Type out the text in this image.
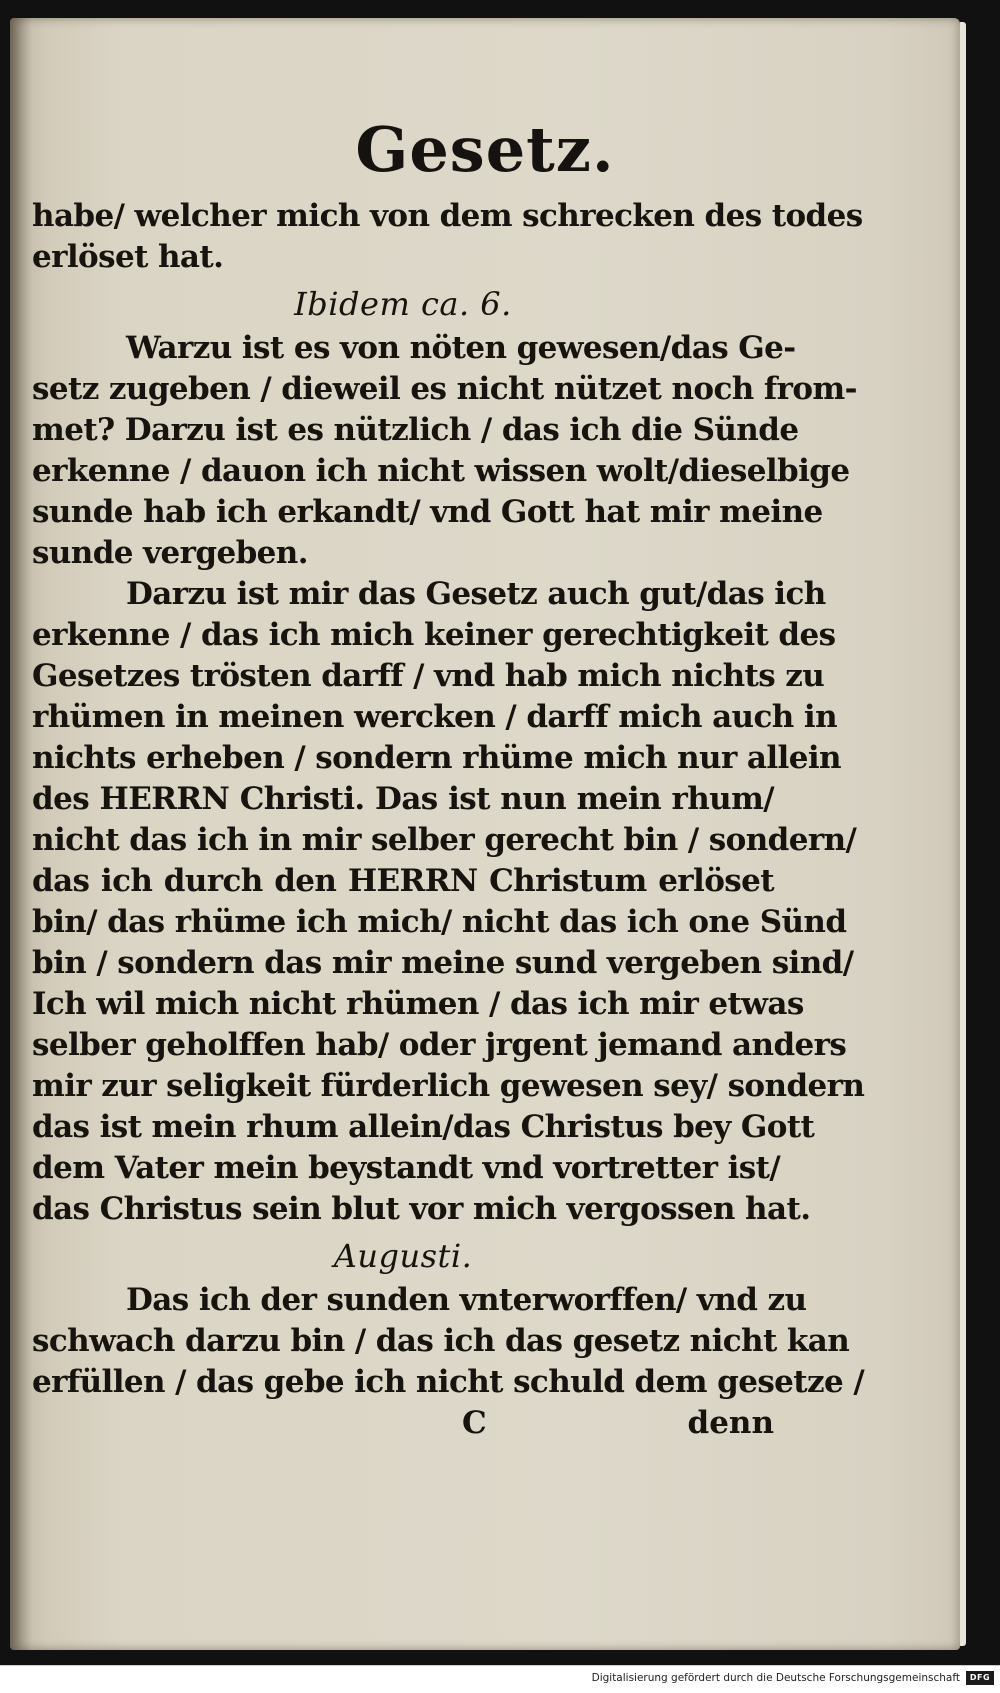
Gesetz.
habe/ welcher mich von dem schrecken des todes
erlöset hat.
Ibidem ca. 6.
Warzu ist es von nöten gewesen/das Ge-
setz zugeben / dieweil es nicht nützet noch from-
met? Darzu ist es nützlich / das ich die Sünde
erkenne / dauon ich nicht wissen wolt/dieselbige
sunde hab ich erkandt/ vnd Gott hat mir meine
sunde vergeben.
Darzu ist mir das Gesetz auch gut/das ich
erkenne / das ich mich keiner gerechtigkeit des
Gesetzes trösten darff / vnd hab mich nichts zu
rhümen in meinen wercken / darff mich auch in
nichts erheben / sondern rhüme mich nur allein
des HERRN Christi. Das ist nun mein rhum/
nicht das ich in mir selber gerecht bin / sondern/
das ich durch den HERRN Christum erlöset
bin/ das rhüme ich mich/ nicht das ich one Sünd
bin / sondern das mir meine sund vergeben sind/
Ich wil mich nicht rhümen / das ich mir etwas
selber geholffen hab/ oder jrgent jemand anders
mir zur seligkeit fürderlich gewesen sey/ sondern
das ist mein rhum allein/das Christus bey Gott
dem Vater mein beystandt vnd vortretter ist/
das Christus sein blut vor mich vergossen hat.
Augusti.
Das ich der sunden vnterworffen/ vnd zu
schwach darzu bin / das ich das gesetz nicht kan
erfüllen / das gebe ich nicht schuld dem gesetze /
C	denn
Digitalisierung gefördert durch die Deutsche Forschungsgemeinschaft	DFG
